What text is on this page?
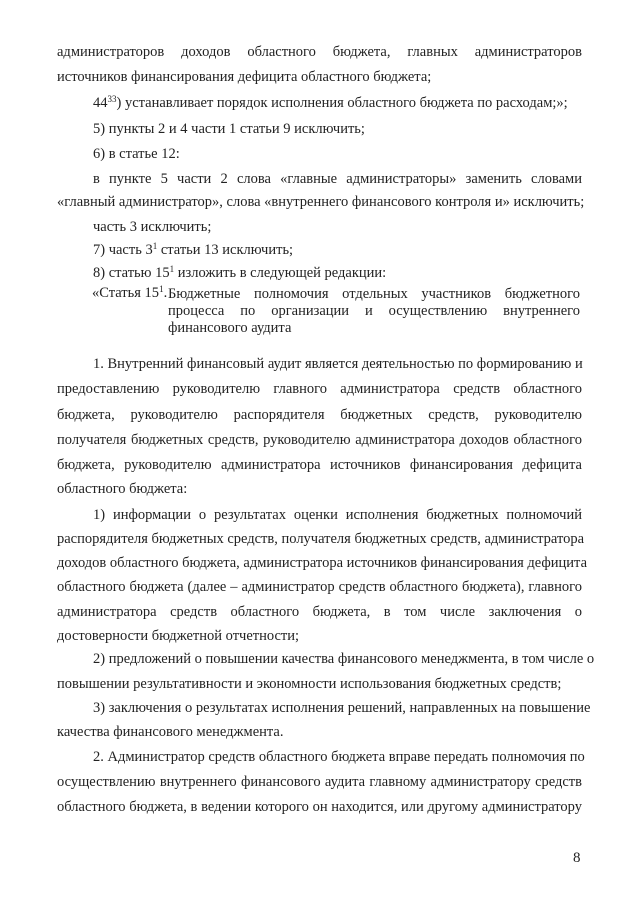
администраторов доходов областного бюджета, главных администраторов
источников финансирования дефицита областного бюджета;
$44^{33}$) устанавливает порядок исполнения областного бюджета по расходам;»;
5) пункты 2 и 4 части 1 статьи 9 исключить;
6) в статье 12:
в пункте 5 части 2 слова «главные администраторы» заменить словами
«главный администратор», слова «внутреннего финансового контроля и» исключить;
часть 3 исключить;
7) часть $3^1$ статьи 13 исключить;
8) статью $15^1$ изложить в следующей редакции:
«Статья $15^1$. Бюджетные полномочия отдельных участников бюджетного
процесса по организации и осуществлению внутреннего
финансового аудита
1. Внутренний финансовый аудит является деятельностью по формированию и
предоставлению руководителю главного администратора средств областного
бюджета, руководителю распорядителя бюджетных средств, руководителю
получателя бюджетных средств, руководителю администратора доходов областного
бюджета, руководителю администратора источников финансирования дефицита
областного бюджета:
1) информации о результатах оценки исполнения бюджетных полномочий
распорядителя бюджетных средств, получателя бюджетных средств, администратора
доходов областного бюджета, администратора источников финансирования дефицита
областного бюджета (далее – администратор средств областного бюджета), главного
администратора средств областного бюджета, в том числе заключения о
достоверности бюджетной отчетности;
2) предложений о повышении качества финансового менеджмента, в том числе о
повышении результативности и экономности использования бюджетных средств;
3) заключения о результатах исполнения решений, направленных на повышение
качества финансового менеджмента.
2. Администратор средств областного бюджета вправе передать полномочия по
осуществлению внутреннего финансового аудита главному администратору средств
областного бюджета, в ведении которого он находится, или другому администратору
8
